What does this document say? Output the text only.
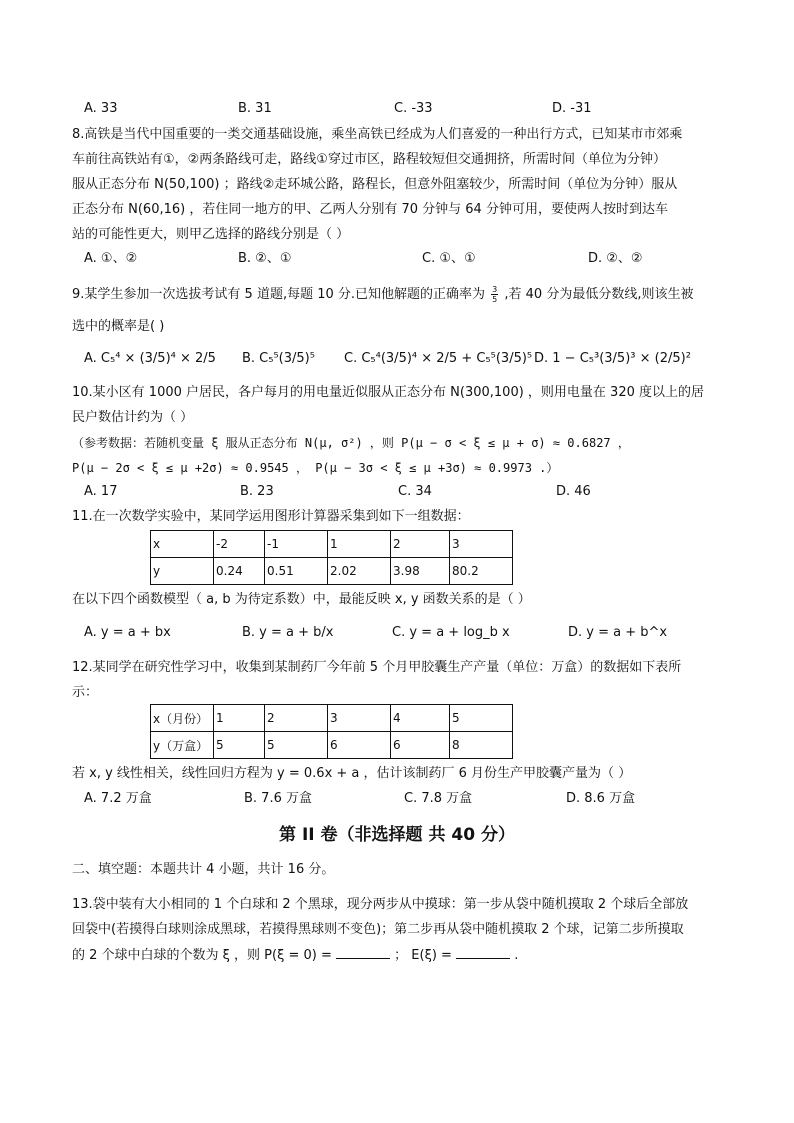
A. 33	B. 31	C. -33	D. -31
8.高铁是当代中国重要的一类交通基础设施，乘坐高铁已经成为人们喜爱的一种出行方式，已知某市市郊乘
车前往高铁站有①，②两条路线可走，路线①穿过市区，路程较短但交通拥挤，所需时间（单位为分钟）
服从正态分布 N(50,100) ；路线②走环城公路，路程长，但意外阻塞较少，所需时间（单位为分钟）服从
正态分布 N(60,16) ，若住同一地方的甲、乙两人分别有 70 分钟与 64 分钟可用，要使两人按时到达车
站的可能性更大，则甲乙选择的路线分别是（ ）
A. ①、②	B. ②、①	C. ①、①	D. ②、②
9.某学生参加一次选拔考试有 5 道题,每题 10 分.已知他解题的正确率为 $\frac{3}{5}$ ,若 40 分为最低分数线,则该生被
选中的概率是( )
A. C₅⁴ × (3/5)⁴ × 2/5 B. C₅⁵(3/5)⁵ C. C₅⁴(3/5)⁴ × 2/5 + C₅⁵(3/5)⁵ D. 1 − C₅³(3/5)³ × (2/5)²
10.某小区有 1000 户居民，各户每月的用电量近似服从正态分布 N(300,100) ，则用电量在 320 度以上的居
民户数估计约为（ ）
（参考数据：若随机变量 ξ 服从正态分布 N(μ, σ²) ，则 P(μ − σ < ξ ≤ μ + σ) ≈ 0.6827 ，
P(μ − 2σ < ξ ≤ μ +2σ) ≈ 0.9545 ， P(μ − 3σ < ξ ≤ μ +3σ) ≈ 0.9973 .）
A. 17	B. 23	C. 34	D. 46
11.在一次数学实验中，某同学运用图形计算器采集到如下一组数据：
x	-2	-1	1	2	3
y	0.24	0.51	2.02	3.98	80.2
在以下四个函数模型（ a, b 为待定系数）中，最能反映 x, y 函数关系的是（ ）
A. y = a + bx	B. y = a + b/x	C. y = a + log_b x	D. y = a + b^x
12.某同学在研究性学习中，收集到某制药厂今年前 5 个月甲胶囊生产产量（单位：万盒）的数据如下表所
示：
x（月份）	1	2	3	4	5
y（万盒）	5	5	6	6	8
若 x, y 线性相关，线性回归方程为 y = 0.6x + a ，估计该制药厂 6 月份生产甲胶囊产量为（ ）
A. 7.2 万盒	B. 7.6 万盒	C. 7.8 万盒	D. 8.6 万盒
第 II 卷（非选择题 共 40 分）
二、填空题：本题共计 4 小题，共计 16 分。
13.袋中装有大小相同的 1 个白球和 2 个黑球，现分两步从中摸球：第一步从袋中随机摸取 2 个球后全部放
回袋中(若摸得白球则涂成黑球，若摸得黑球则不变色)；第二步再从袋中随机摸取 2 个球，记第二步所摸取
的 2 个球中白球的个数为 ξ ，则 P(ξ = 0) =	； E(ξ) =	.
